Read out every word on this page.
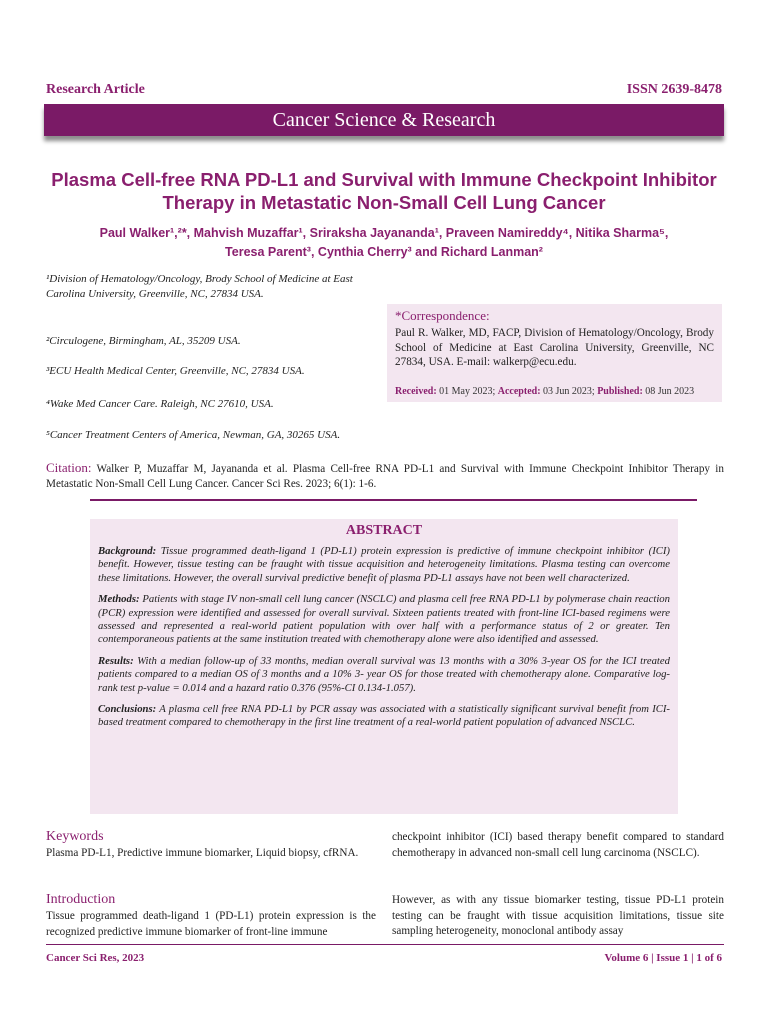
Research Article	ISSN 2639-8478
Cancer Science & Research
Plasma Cell-free RNA PD-L1 and Survival with Immune Checkpoint Inhibitor Therapy in Metastatic Non-Small Cell Lung Cancer
Paul Walker¹,²*, Mahvish Muzaffar¹, Sriraksha Jayananda¹, Praveen Namireddy⁴, Nitika Sharma⁵,
Teresa Parent³, Cynthia Cherry³ and Richard Lanman²
¹Division of Hematology/Oncology, Brody School of Medicine at East Carolina University, Greenville, NC, 27834 USA.
²Circulogene, Birmingham, AL, 35209 USA.
³ECU Health Medical Center, Greenville, NC, 27834 USA.
⁴Wake Med Cancer Care. Raleigh, NC 27610, USA.
⁵Cancer Treatment Centers of America, Newman, GA, 30265 USA.
*Correspondence:
Paul R. Walker, MD, FACP, Division of Hematology/Oncology, Brody School of Medicine at East Carolina University, Greenville, NC 27834, USA. E-mail: walkerp@ecu.edu.
Received: 01 May 2023; Accepted: 03 Jun 2023; Published: 08 Jun 2023
Citation: Walker P, Muzaffar M, Jayananda et al. Plasma Cell-free RNA PD-L1 and Survival with Immune Checkpoint Inhibitor Therapy in Metastatic Non-Small Cell Lung Cancer. Cancer Sci Res. 2023; 6(1): 1-6.
ABSTRACT

Background: Tissue programmed death-ligand 1 (PD-L1) protein expression is predictive of immune checkpoint inhibitor (ICI) benefit. However, tissue testing can be fraught with tissue acquisition and heterogeneity limitations. Plasma testing can overcome these limitations. However, the overall survival predictive benefit of plasma PD-L1 assays have not been well characterized.

Methods: Patients with stage IV non-small cell lung cancer (NSCLC) and plasma cell free RNA PD-L1 by polymerase chain reaction (PCR) expression were identified and assessed for overall survival. Sixteen patients treated with front-line ICI-based regimens were assessed and represented a real-world patient population with over half with a performance status of 2 or greater. Ten contemporaneous patients at the same institution treated with chemotherapy alone were also identified and assessed.

Results: With a median follow-up of 33 months, median overall survival was 13 months with a 30% 3-year OS for the ICI treated patients compared to a median OS of 3 months and a 10% 3- year OS for those treated with chemotherapy alone. Comparative log-rank test p-value = 0.014 and a hazard ratio 0.376 (95%-CI 0.134-1.057).

Conclusions: A plasma cell free RNA PD-L1 by PCR assay was associated with a statistically significant survival benefit from ICI-based treatment compared to chemotherapy in the first line treatment of a real-world patient population of advanced NSCLC.

Keywords
Plasma PD-L1, Predictive immune biomarker, Liquid biopsy, cfRNA.
Introduction
Tissue programmed death-ligand 1 (PD-L1) protein expression is the recognized predictive immune biomarker of front-line immune
checkpoint inhibitor (ICI) based therapy benefit compared to standard chemotherapy in advanced non-small cell lung carcinoma (NSCLC).
However, as with any tissue biomarker testing, tissue PD-L1 protein testing can be fraught with tissue acquisition limitations, tissue site sampling heterogeneity, monoclonal antibody assay
Cancer Sci Res, 2023	Volume 6 | Issue 1 | 1 of 6
